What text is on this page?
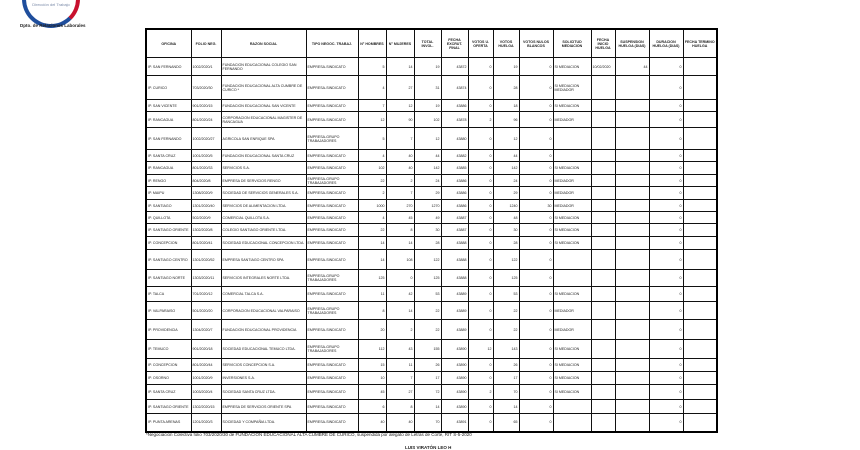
Dirección del Trabajo
Dpto. de Relaciones Laborales
OFICINA	FOLIO NEG.	RAZON SOCIAL	TIPO NEGOC. TRABAJ.	N° HOMBRES	N° MUJERES	TOTAL INVOL.	FECHA EXCRUT. FINAL	VOTOS U. OFERTA	VOTOS HUELGA	VOTOS NULOS BLANCOS	SOLICITUD MEDIACION	FECHA INICIO HUELGA	SUSPENSION HUELGA (DIAS)	DURACION HUELGA (DIAS)	FECHA TERMINO HUELGA
IP. SAN FERNANDO	1002/2020/1	FUNDACION EDUCACIONAL COLEGIO SAN FERNANDO	EMPRESA-SINDICATO	5	14	19	43872	0	19	0	SI MEDIACION	10/02/2020	44	0	
IP. CURICO	703/2020/30	FUNDACION EDUCACIONAL ALTA CUMBRE DE CURICO *	EMPRESA-SINDICATO	4	27	31	43874	0	28	0	SI MEDIACION MEDIADOR			0	
IP. SAN VICENTE	901/2020/15	FUNDACION EDUCACIONAL SAN VICENTE	EMPRESA-SINDICATO	7	12	19	43886	0	18	0	SI MEDIACION			0	
IP. RANCAGUA	801/2020/24	CORPORACION EDUCACIONAL MAGISTER DE RANCAGUA	EMPRESA-SINDICATO	12	90	102	43878	2	96	0	MEDIADOR			0	
IP. SAN FERNANDO	1002/2020/27	AGRICOLA SAN ENRIQUE SPA	EMPRESA-GRUPO TRABAJADORES	5	7	12	43880	0	12	0				0	
IP. SANTA CRUZ	1001/2020/5	FUNDACION EDUCACIONAL SANTA CRUZ	EMPRESA-SINDICATO	4	40	44	43882	0	44	0				0	
IP. RANCAGUA	801/2020/33	SERVICIOS S.A.	EMPRESA-SINDICATO	102	40	142	43885	0	142	0	SI MEDIACION			0	
IP. RENGO	804/2020/8	EMPRESA DE SERVICIOS RENGO	EMPRESA-GRUPO TRABAJADORES	22	2	24	43886	0	24	0	MEDIADOR			0	
IP. MAIPU	1308/2020/9	SOCIEDAD DE SERVICIOS GENERALES S.A.	EMPRESA-SINDICATO	2	7	29	43886	0	29	0	MEDIADOR			0	
IP. SANTIAGO	1301/2020/40	SERVICIOS DE ALIMENTACION LTDA.	EMPRESA-SINDICATO	1000	270	1270	43886	0	1240	30	MEDIADOR			0	
IP. QUILLOTA	502/2020/9	COMERCIAL QUILLOTA S.A.	EMPRESA-SINDICATO	4	45	49	43887	0	48	0	SI MEDIACION			0	
IP. SANTIAGO ORIENTE	1302/2020/8	COLEGIO SANTIAGO ORIENTE LTDA.	EMPRESA-SINDICATO	22	8	30	43887	0	30	0	SI MEDIACION			0	
IP. CONCEPCION	801/2020/41	SOCIEDAD EDUCACIONAL CONCEPCION LTDA.	EMPRESA-SINDICATO	14	14	28	43888	0	28	0	SI MEDIACION			0	
IP. SANTIAGO CENTRO	1301/2020/52	EMPRESA SANTIAGO CENTRO SPA	EMPRESA-SINDICATO	14	108	122	43888	0	122	0				0	
IP. SANTIAGO NORTE	1303/2020/11	SERVICIOS INTEGRALES NORTE LTDA.	EMPRESA-GRUPO TRABAJADORES	125	0	125	43888	0	125	0				0	
IP. TALCA	701/2020/12	COMERCIAL TALCA S.A.	EMPRESA-SINDICATO	11	42	53	43889	0	53	0	SI MEDIACION			0	
IP. VALPARAISO	501/2020/20	CORPORACION EDUCACIONAL VALPARAISO	EMPRESA-GRUPO TRABAJADORES	8	14	22	43889	0	22	0	MEDIADOR			0	
IP. PROVIDENCIA	1304/2020/7	FUNDACION EDUCACIONAL PROVIDENCIA	EMPRESA-SINDICATO	20	2	22	43889	0	22	0	MEDIADOR			0	
IP. TEMUCO	901/2020/18	SOCIEDAD EDUCACIONAL TEMUCO LTDA.	EMPRESA-GRUPO TRABAJADORES	112	43	155	43890	12	143	0	SI MEDIACION			0	
IP. CONCEPCION	801/2020/44	SERVICIOS CONCEPCION S.A.	EMPRESA-SINDICATO	15	11	26	43890	0	26	0	SI MEDIACION			0	
IP. OSORNO	1001/2020/9	INVERSIONES S.A.	EMPRESA-SINDICATO	10	7	17	43890	0	17	0	SI MEDIACION			0	
IP. SANTA CRUZ	1003/2020/4	SOCIEDAD SANTA CRUZ LTDA.	EMPRESA-SINDICATO	45	27	72	43890	2	70	0	SI MEDIACION			0	
IP. SANTIAGO ORIENTE	1302/2020/15	EMPRESA DE SERVICIOS ORIENTE SPA	EMPRESA-SINDICATO	6	8	14	43890	0	14	0				0	
IP. PUNTA ARENAS	1201/2020/3	SOCIEDAD Y COMPAÑIA LTDA.	EMPRESA-SINDICATO	40	40	70	43891	0	65	0				0	
*Negociación Colectiva folio 703/2020/30 de FUNDACION EDUCACIONAL ALTA CUMBRE DE CURICO, suspendida por alegato de Letras de Corte, RIT S-5-2020
LUIS VIRATÓN LEO H
